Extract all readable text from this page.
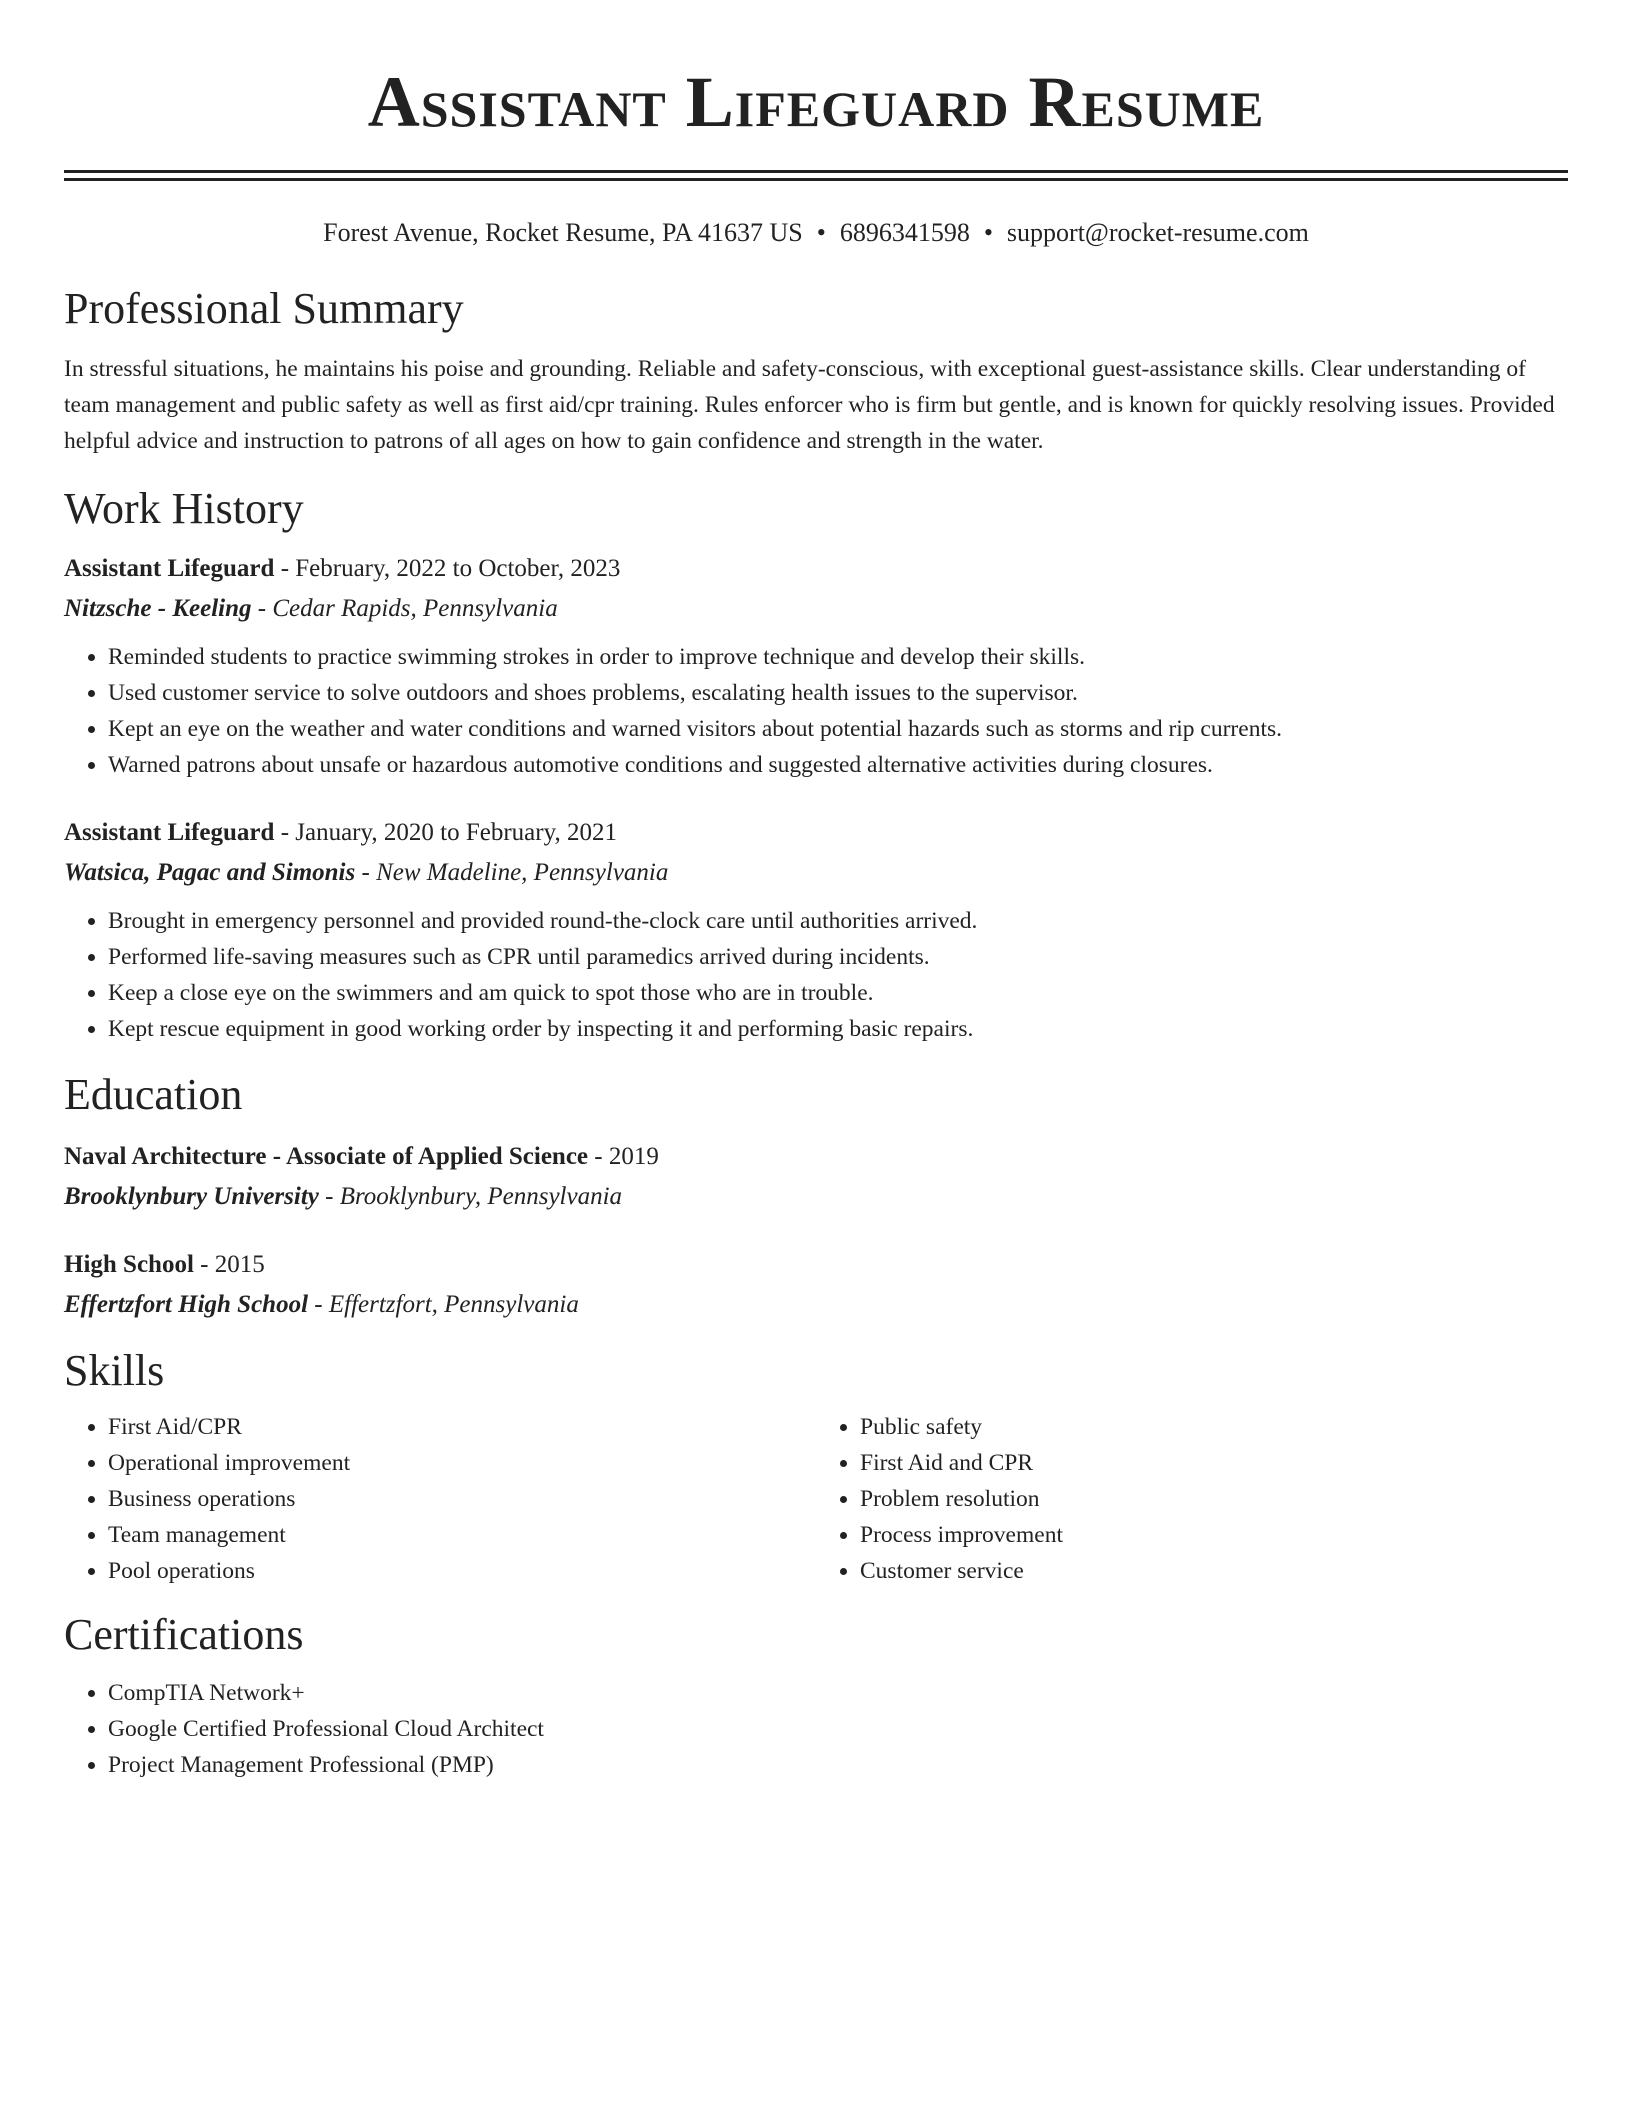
Assistant Lifeguard Resume
Forest Avenue, Rocket Resume, PA 41637 US • 6896341598 • support@rocket-resume.com
Professional Summary

In stressful situations, he maintains his poise and grounding. Reliable and safety-conscious, with exceptional guest-assistance skills. Clear understanding of team management and public safety as well as first aid/cpr training. Rules enforcer who is firm but gentle, and is known for quickly resolving issues. Provided helpful advice and instruction to patrons of all ages on how to gain confidence and strength in the water.

Work History
Assistant Lifeguard - February, 2022 to October, 2023
Nitzsche - Keeling - Cedar Rapids, Pennsylvania
• Reminded students to practice swimming strokes in order to improve technique and develop their skills.
• Used customer service to solve outdoors and shoes problems, escalating health issues to the supervisor.
• Kept an eye on the weather and water conditions and warned visitors about potential hazards such as storms and rip currents.
• Warned patrons about unsafe or hazardous automotive conditions and suggested alternative activities during closures.
Assistant Lifeguard - January, 2020 to February, 2021
Watsica, Pagac and Simonis - New Madeline, Pennsylvania
• Brought in emergency personnel and provided round-the-clock care until authorities arrived.
• Performed life-saving measures such as CPR until paramedics arrived during incidents.
• Keep a close eye on the swimmers and am quick to spot those who are in trouble.
• Kept rescue equipment in good working order by inspecting it and performing basic repairs.
Education
Naval Architecture - Associate of Applied Science - 2019
Brooklynbury University - Brooklynbury, Pennsylvania
High School - 2015
Effertzfort High School - Effertzfort, Pennsylvania
Skills
• First Aid/CPR
• Operational improvement
• Business operations
• Team management
• Pool operations
• Public safety
• First Aid and CPR
• Problem resolution
• Process improvement
• Customer service
Certifications
• CompTIA Network+
• Google Certified Professional Cloud Architect
• Project Management Professional (PMP)
